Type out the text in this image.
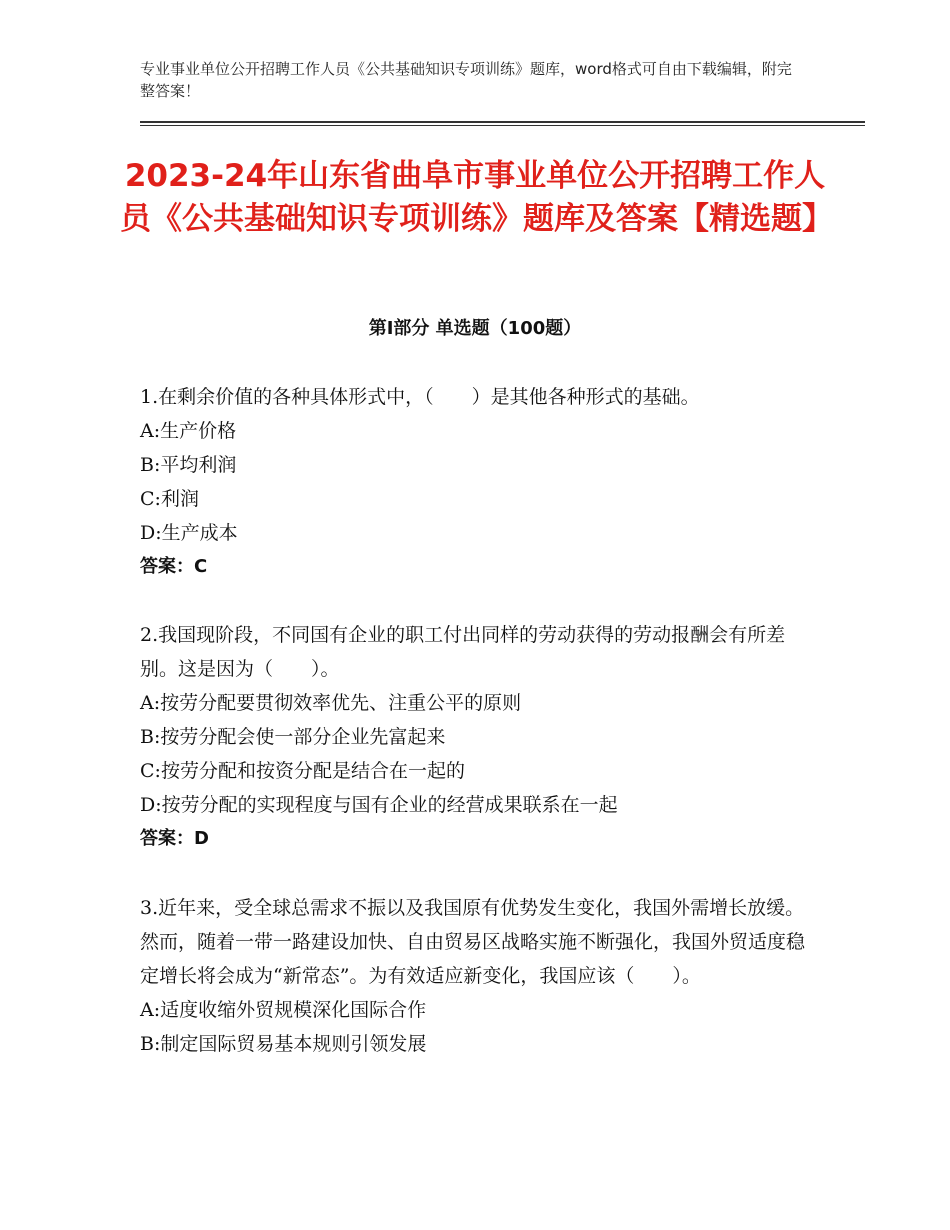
专业事业单位公开招聘工作人员《公共基础知识专项训练》题库，word格式可自由下载编辑，附完整答案！
2023-24年山东省曲阜市事业单位公开招聘工作人员《公共基础知识专项训练》题库及答案【精选题】
第Ⅰ部分 单选题（100题）

1.在剩余价值的各种具体形式中，（　　）是其他各种形式的基础。

A:生产价格

B:平均利润

C:利润

D:生产成本

答案：C

2.我国现阶段，不同国有企业的职工付出同样的劳动获得的劳动报酬会有所差别。这是因为（　　）。

A:按劳分配要贯彻效率优先、注重公平的原则

B:按劳分配会使一部分企业先富起来

C:按劳分配和按资分配是结合在一起的

D:按劳分配的实现程度与国有企业的经营成果联系在一起

答案：D

3.近年来，受全球总需求不振以及我国原有优势发生变化，我国外需增长放缓。然而，随着一带一路建设加快、自由贸易区战略实施不断强化，我国外贸适度稳定增长将会成为“新常态”。为有效适应新变化，我国应该（　　）。

A:适度收缩外贸规模深化国际合作

B:制定国际贸易基本规则引领发展
